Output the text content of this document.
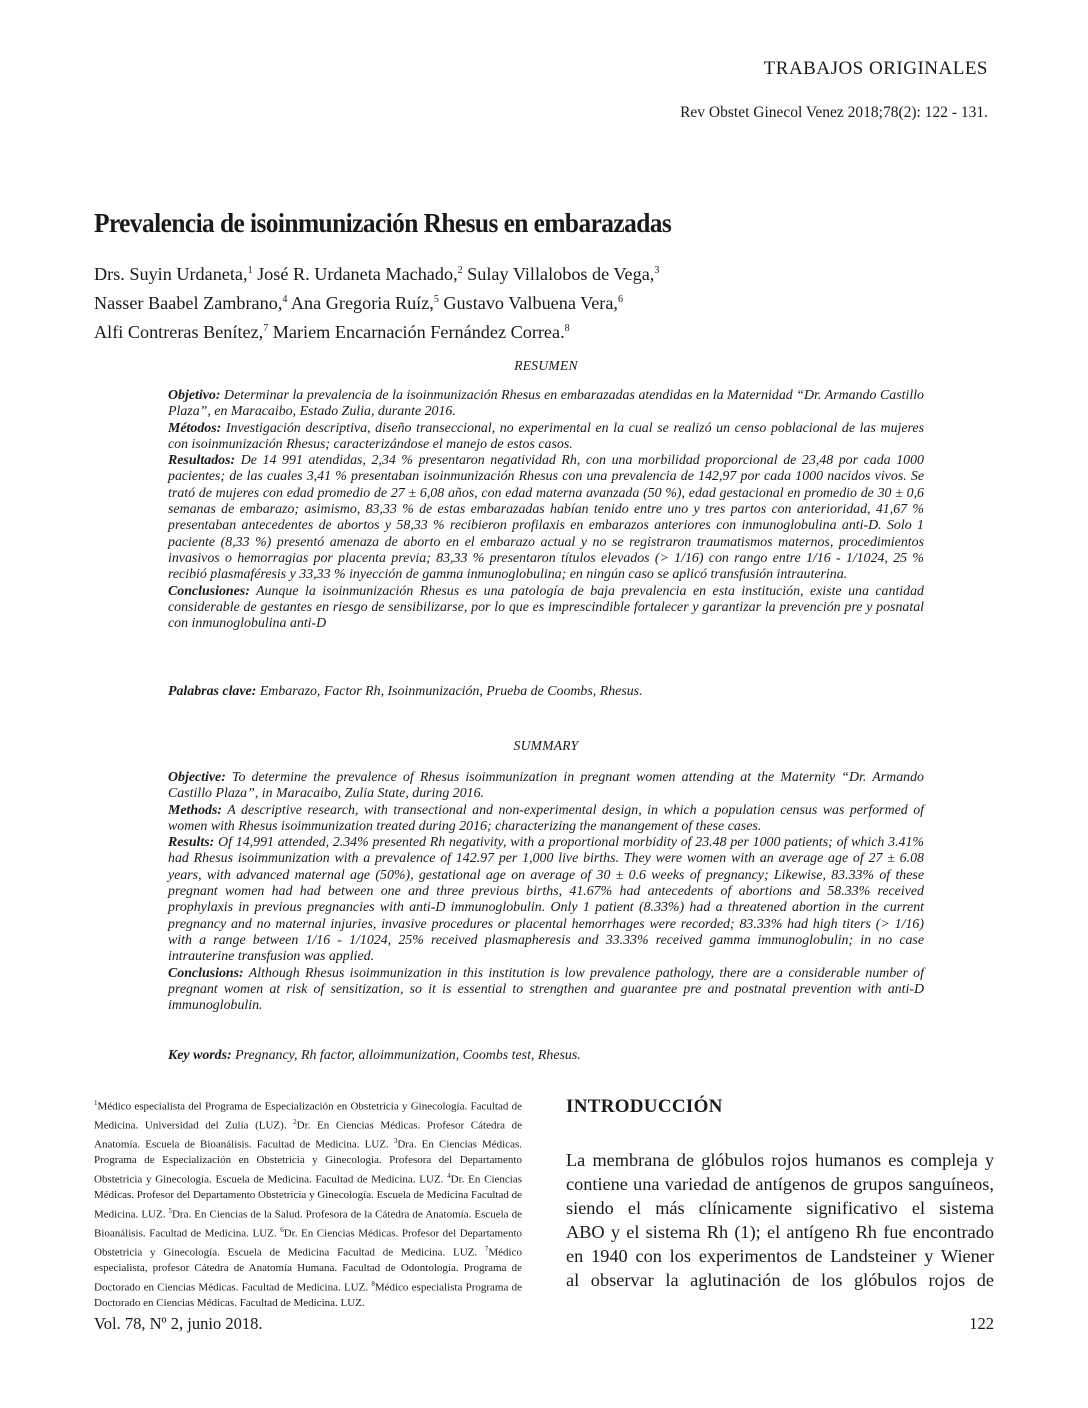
TRABAJOS ORIGINALES
Rev Obstet Ginecol Venez 2018;78(2): 122 - 131.
Prevalencia de isoinmunización Rhesus en embarazadas
Drs. Suyin Urdaneta,$^1$ José R. Urdaneta Machado,$^2$ Sulay Villalobos de Vega,$^3$
Nasser Baabel Zambrano,$^4$ Ana Gregoria Ruíz,$^5$ Gustavo Valbuena Vera,$^6$
Alfi Contreras Benítez,$^7$ Mariem Encarnación Fernández Correa.$^8$
RESUMEN

Objetivo: Determinar la prevalencia de la isoinmunización Rhesus en embarazadas atendidas en la Maternidad “Dr. Armando Castillo Plaza”, en Maracaibo, Estado Zulia, durante 2016.

Métodos: Investigación descriptiva, diseño transeccional, no experimental en la cual se realizó un censo poblacional de las mujeres con isoinmunización Rhesus; caracterizándose el manejo de estos casos.

Resultados: De 14 991 atendidas, 2,34 % presentaron negatividad Rh, con una morbilidad proporcional de 23,48 por cada 1000 pacientes; de las cuales 3,41 % presentaban isoinmunización Rhesus con una prevalencia de 142,97 por cada 1000 nacidos vivos. Se trató de mujeres con edad promedio de 27 ± 6,08 años, con edad materna avanzada (50 %), edad gestacional en promedio de 30 ± 0,6 semanas de embarazo; asimismo, 83,33 % de estas embarazadas habían tenido entre uno y tres partos con anterioridad, 41,67 % presentaban antecedentes de abortos y 58,33 % recibieron profilaxis en embarazos anteriores con inmunoglobulina anti-D. Solo 1 paciente (8,33 %) presentó amenaza de aborto en el embarazo actual y no se registraron traumatismos maternos, procedimientos invasivos o hemorragias por placenta previa; 83,33 % presentaron títulos elevados (> 1/16) con rango entre 1/16 - 1/1024, 25 % recibió plasmaféresis y 33,33 % inyección de gamma inmunoglobulina; en ningún caso se aplicó transfusión intrauterina.

Conclusiones: Aunque la isoinmunización Rhesus es una patología de baja prevalencia en esta institución, existe una cantidad considerable de gestantes en riesgo de sensibilizarse, por lo que es imprescindible fortalecer y garantizar la prevención pre y posnatal con inmunoglobulina anti-D

Palabras clave: Embarazo, Factor Rh, Isoinmunización, Prueba de Coombs, Rhesus.
SUMMARY

Objective: To determine the prevalence of Rhesus isoimmunization in pregnant women attending at the Maternity “Dr. Armando Castillo Plaza”, in Maracaibo, Zulia State, during 2016.

Methods: A descriptive research, with transectional and non-experimental design, in which a population census was performed of women with Rhesus isoimmunization treated during 2016; characterizing the manangement of these cases.

Results: Of 14,991 attended, 2.34% presented Rh negativity, with a proportional morbidity of 23.48 per 1000 patients; of which 3.41% had Rhesus isoimmunization with a prevalence of 142.97 per 1,000 live births. They were women with an average age of 27 ± 6.08 years, with advanced maternal age (50%), gestational age on average of 30 ± 0.6 weeks of pregnancy; Likewise, 83.33% of these pregnant women had had between one and three previous births, 41.67% had antecedents of abortions and 58.33% received prophylaxis in previous pregnancies with anti-D immunoglobulin. Only 1 patient (8.33%) had a threatened abortion in the current pregnancy and no maternal injuries, invasive procedures or placental hemorrhages were recorded; 83.33% had high titers (> 1/16) with a range between 1/16 - 1/1024, 25% received plasmapheresis and 33.33% received gamma immunoglobulin; in no case intrauterine transfusion was applied.

Conclusions: Although Rhesus isoimmunization in this institution is low prevalence pathology, there are a considerable number of pregnant women at risk of sensitization, so it is essential to strengthen and guarantee pre and postnatal prevention with anti-D immunoglobulin.

Key words: Pregnancy, Rh factor, alloimmunization, Coombs test, Rhesus.
$^1$Médico especialista del Programa de Especialización en Obstetricia y Ginecología. Facultad de Medicina. Universidad del Zulia (LUZ). $^2$Dr. En Ciencias Médicas. Profesor Cátedra de Anatomía. Escuela de Bioanálisis. Facultad de Medicina. LUZ. $^3$Dra. En Ciencias Médicas. Programa de Especialización en Obstetricia y Ginecología. Profesora del Departamento Obstetricia y Ginecología. Escuela de Medicina. Facultad de Medicina. LUZ. $^4$Dr. En Ciencias Médicas. Profesor del Departamento Obstetricia y Ginecología. Escuela de Medicina Facultad de Medicina. LUZ. $^5$Dra. En Ciencias de la Salud. Profesora de la Cátedra de Anatomía. Escuela de Bioanálisis. Facultad de Medicina. LUZ. $^6$Dr. En Ciencias Médicas. Profesor del Departamento Obstetricia y Ginecología. Escuela de Medicina Facultad de Medicina. LUZ. $^7$Médico especialista, profesor Cátedra de Anatomía Humana. Facultad de Odontología. Programa de Doctorado en Ciencias Médicas. Facultad de Medicina. LUZ. $^8$Médico especialista Programa de Doctorado en Ciencias Médicas. Facultad de Medicina. LUZ.
INTRODUCCIÓN
La membrana de glóbulos rojos humanos es compleja y
contiene una variedad de antígenos de grupos sanguíneos,
siendo el más clínicamente significativo el sistema
ABO y el sistema Rh (1); el antígeno Rh fue encontrado
en 1940 con los experimentos de Landsteiner y Wiener
al observar la aglutinación de los glóbulos rojos de
Vol. 78, Nº 2, junio 2018.	122
